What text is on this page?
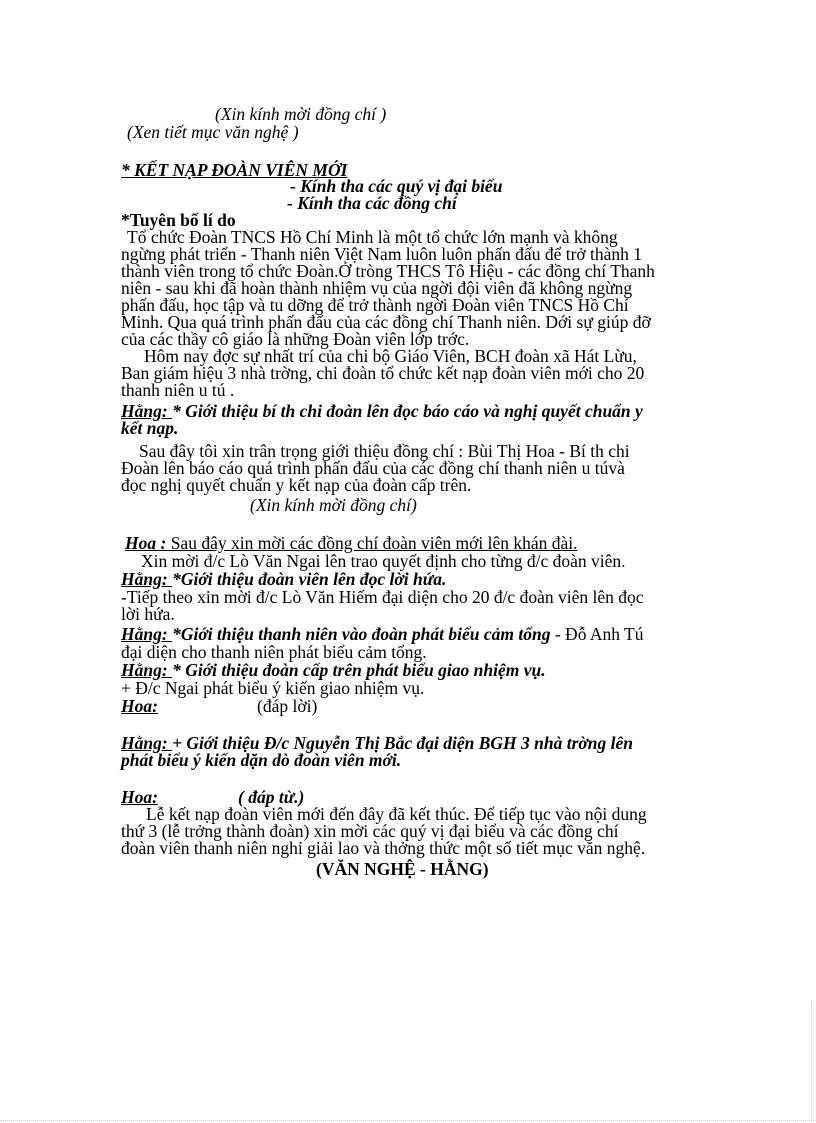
(Xin kính mời đồng chí )
(Xen tiết mục văn nghệ )
* KẾT NẠP ĐOÀN VIÊN MỚI
- Kính tha các quý vị đại biểu
- Kính tha các đồng chí
*Tuyên bố lí do
Tổ chức Đoàn TNCS Hồ Chí Minh là một tổ chức lớn mạnh và không
ngừng phát triển - Thanh niên Việt Nam luôn luôn phấn đấu để trở thành 1
thành viên trong tổ chức Đoàn.Ở tròng THCS Tô Hiệu - các đồng chí Thanh
niên - sau khi đã hoàn thành nhiệm vụ của ngời đội viên đã không ngừng
phấn đấu, học tập và tu dỡng để trở thành ngời Đoàn viên TNCS Hồ Chí
Minh. Qua quá trình phấn đấu của các đồng chí Thanh niên. Dới sự giúp đỡ
của các thầy cô giáo là những Đoàn viên lớp trớc.
Hôm nay đợc sự nhất trí của chi bộ Giáo Viên, BCH đoàn xã Hát Lừu,
Ban giám hiệu 3 nhà trờng, chi đoàn tổ chức kết nạp đoàn viên mới cho 20
thanh niên u tú .
Hằng: * Giới thiệu bí th chi đoàn lên đọc báo cáo và nghị quyết chuẩn y
kết nạp.
Sau đây tôi xin trân trọng giới thiệu đồng chí : Bùi Thị Hoa - Bí th chi
Đoàn lên báo cáo quá trình phấn đấu của các đồng chí thanh niên u túvà
đọc nghị quyết chuẩn y kết nạp của đoàn cấp trên.
(Xin kính mời đồng chí)
Hoa : Sau đây xin mời các đồng chí đoàn viên mới lên khán đài.
Xin mời đ/c Lò Văn Ngai lên trao quyết định cho từng đ/c đoàn viên.
Hằng: *Giới thiệu đoàn viên lên đọc lời hứa.
-Tiếp theo xin mời đ/c Lò Văn Hiếm đại diện cho 20 đ/c đoàn viên lên đọc
lời hứa.
Hằng: *Giới thiệu thanh niên vào đoàn phát biểu cảm tổng - Đỗ Anh Tú
đại diện cho thanh niên phát biểu cảm tổng.
Hằng: * Giới thiệu đoàn cấp trên phát biểu giao nhiệm vụ.
+ Đ/c Ngai phát biểu ý kiến giao nhiệm vụ.
Hoa:	(đáp lời)
Hằng: + Giới thiệu Đ/c Nguyễn Thị Bắc đại diện BGH 3 nhà trờng lên
phát biểu ý kiến dặn dò đoàn viên mới.
Hoa:	( đáp từ.)
Lễ kết nạp đoàn viên mới đến đây đã kết thúc. Để tiếp tục vào nội dung
thứ 3 (lễ trởng thành đoàn) xin mời các quý vị đại biểu và các đồng chí
đoàn viên thanh niên nghỉ giải lao và thởng thức một số tiết mục văn nghệ.
(VĂN NGHỆ - HẰNG)
